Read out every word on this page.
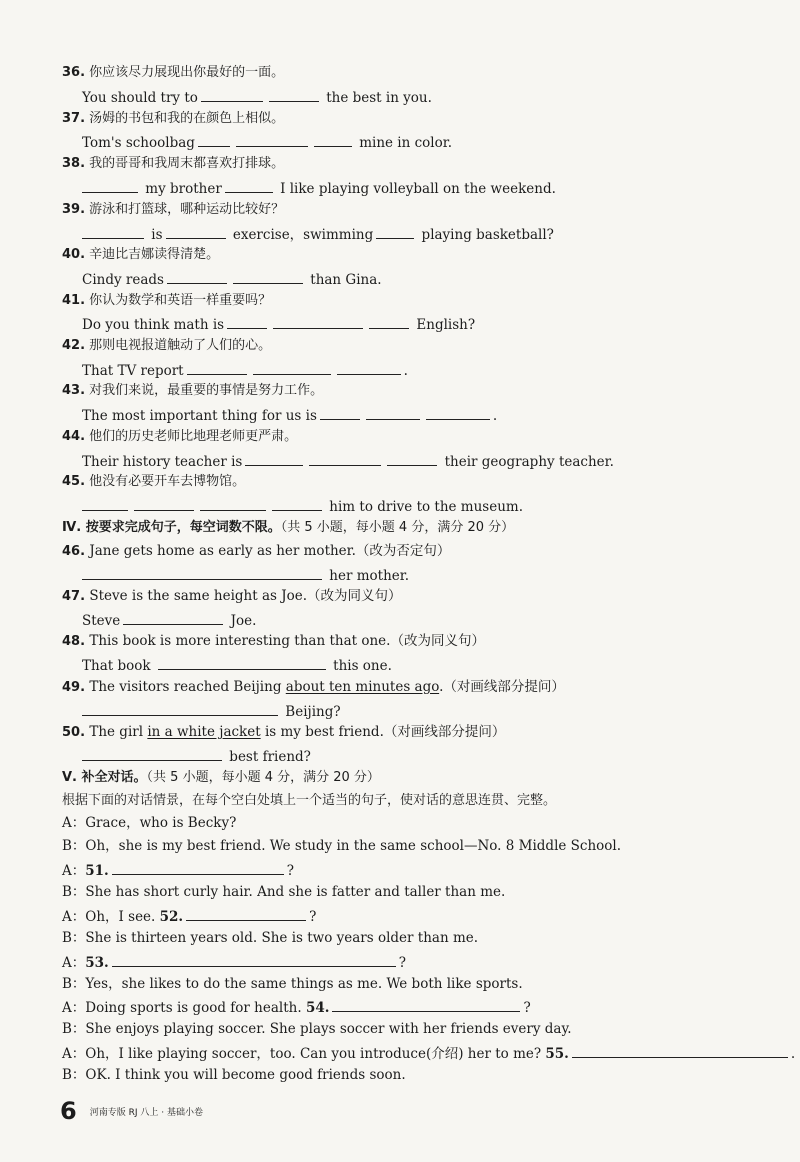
36. 你应该尽力展现出你最好的一面。
You should try to	the best in you.
37. 汤姆的书包和我的在颜色上相似。
Tom's schoolbag	mine in color.
38. 我的哥哥和我周末都喜欢打排球。
my brother	I like playing volleyball on the weekend.
39. 游泳和打篮球，哪种运动比较好？
is	exercise，swimming	playing basketball?
40. 辛迪比吉娜读得清楚。
Cindy reads	than Gina.
41. 你认为数学和英语一样重要吗？
Do you think math is	English?
42. 那则电视报道触动了人们的心。
That TV report	.
43. 对我们来说，最重要的事情是努力工作。
The most important thing for us is	.
44. 他们的历史老师比地理老师更严肃。
Their history teacher is	their geography teacher.
45. 他没有必要开车去博物馆。
him to drive to the museum.
Ⅳ. 按要求完成句子，每空词数不限。（共 5 小题，每小题 4 分，满分 20 分）
46. Jane gets home as early as her mother.（改为否定句）
her mother.
47. Steve is the same height as Joe.（改为同义句）
Steve	Joe.
48. This book is more interesting than that one.（改为同义句）
That book	this one.
49. The visitors reached Beijing about ten minutes ago.（对画线部分提问）
Beijing?
50. The girl in a white jacket is my best friend.（对画线部分提问）
best friend?
Ⅴ. 补全对话。（共 5 小题，每小题 4 分，满分 20 分）
根据下面的对话情景，在每个空白处填上一个适当的句子，使对话的意思连贯、完整。
A：Grace，who is Becky?
B：Oh，she is my best friend. We study in the same school—No. 8 Middle School.
A：51.	?
B：She has short curly hair. And she is fatter and taller than me.
A：Oh，I see. 52.	?
B：She is thirteen years old. She is two years older than me.
A：53.	?
B：Yes，she likes to do the same things as me. We both like sports.
A：Doing sports is good for health. 54.	?
B：She enjoys playing soccer. She plays soccer with her friends every day.
A：Oh，I like playing soccer，too. Can you introduce(介绍) her to me? 55.	.
B：OK. I think you will become good friends soon.
6 河南专版 RJ 八上 · 基础小卷
